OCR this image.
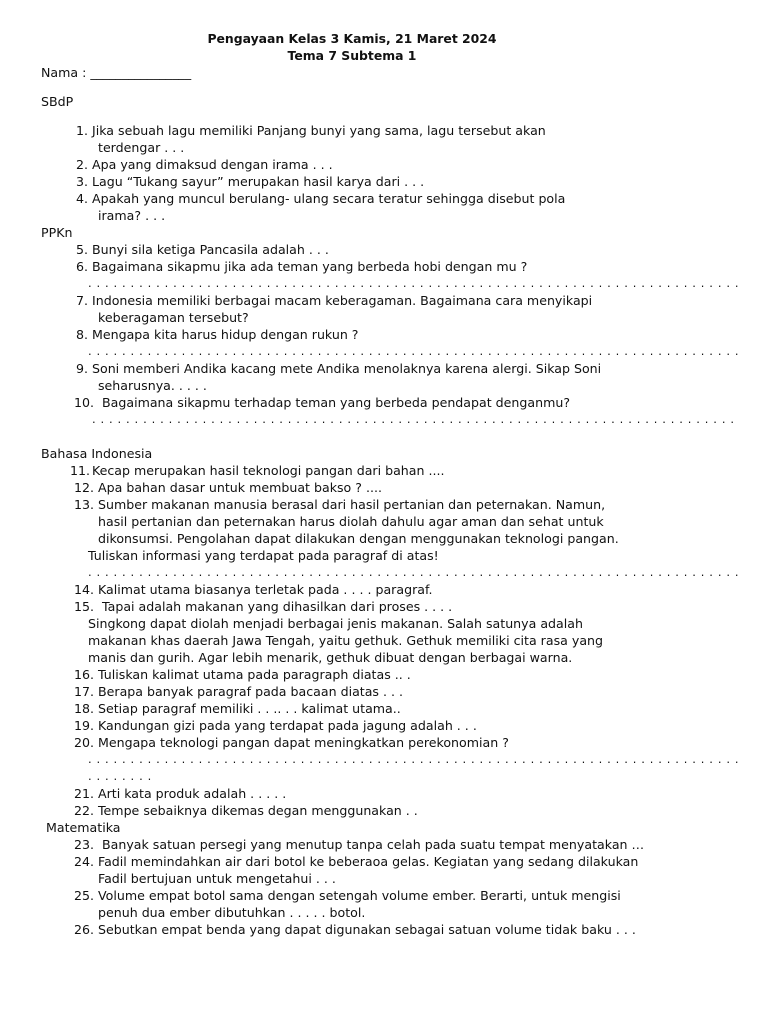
Pengayaan Kelas 3 Kamis, 21 Maret 2024
Tema 7 Subtema 1
Nama : ________________
SBdP
1. Jika sebuah lagu memiliki Panjang bunyi yang sama, lagu tersebut akan
terdengar . . .
2. Apa yang dimaksud dengan irama . . .
3. Lagu “Tukang sayur” merupakan hasil karya dari . . .
4. Apakah yang muncul berulang- ulang secara teratur sehingga disebut pola
irama? . . .
PPKn
5. Bunyi sila ketiga Pancasila adalah . . .
6. Bagaimana sikapmu jika ada teman yang berbeda hobi dengan mu ?
. . . . . . . . . . . . . . . . . . . . . . . . . . . . . . . . . . . . . . . . . . . . . . . . . . . . . . . . . . . . . . . . . . . . . . . . . . . . .
7. Indonesia memiliki berbagai macam keberagaman. Bagaimana cara menyikapi
keberagaman tersebut?
8. Mengapa kita harus hidup dengan rukun ?
. . . . . . . . . . . . . . . . . . . . . . . . . . . . . . . . . . . . . . . . . . . . . . . . . . . . . . . . . . . . . . . . . . . . . . . . . . . . .
9. Soni memberi Andika kacang mete Andika menolaknya karena alergi. Sikap Soni
seharusnya. . . . .
10. Bagaimana sikapmu terhadap teman yang berbeda pendapat denganmu?
. . . . . . . . . . . . . . . . . . . . . . . . . . . . . . . . . . . . . . . . . . . . . . . . . . . . . . . . . . . . . . . . . . . . . . . . . . . .
Bahasa Indonesia
11. Kecap merupakan hasil teknologi pangan dari bahan ....
12. Apa bahan dasar untuk membuat bakso ? ....
13. Sumber makanan manusia berasal dari hasil pertanian dan peternakan. Namun,
hasil pertanian dan peternakan harus diolah dahulu agar aman dan sehat untuk
dikonsumsi. Pengolahan dapat dilakukan dengan menggunakan teknologi pangan.
Tuliskan informasi yang terdapat pada paragraf di atas!
. . . . . . . . . . . . . . . . . . . . . . . . . . . . . . . . . . . . . . . . . . . . . . . . . . . . . . . . . . . . . . . . . . . . . . . . . . . . .
14. Kalimat utama biasanya terletak pada . . . . paragraf.
15. Tapai adalah makanan yang dihasilkan dari proses . . . .
Singkong dapat diolah menjadi berbagai jenis makanan. Salah satunya adalah
makanan khas daerah Jawa Tengah, yaitu gethuk. Gethuk memiliki cita rasa yang
manis dan gurih. Agar lebih menarik, gethuk dibuat dengan berbagai warna.
16. Tuliskan kalimat utama pada paragraph diatas .. .
17. Berapa banyak paragraf pada bacaan diatas . . .
18. Setiap paragraf memiliki . . .. . . kalimat utama..
19. Kandungan gizi pada yang terdapat pada jagung adalah . . .
20. Mengapa teknologi pangan dapat meningkatkan perekonomian ?
. . . . . . . . . . . . . . . . . . . . . . . . . . . . . . . . . . . . . . . . . . . . . . . . . . . . . . . . . . . . . . . . . . . . . . . . . . . . .
. . . . . . . .
21. Arti kata produk adalah . . . . .
22. Tempe sebaiknya dikemas degan menggunakan . .
Matematika
23. Banyak satuan persegi yang menutup tanpa celah pada suatu tempat menyatakan …
24. Fadil memindahkan air dari botol ke beberaoa gelas. Kegiatan yang sedang dilakukan
Fadil bertujuan untuk mengetahui . . .
25. Volume empat botol sama dengan setengah volume ember. Berarti, untuk mengisi
penuh dua ember dibutuhkan . . . . . botol.
26. Sebutkan empat benda yang dapat digunakan sebagai satuan volume tidak baku . . .
